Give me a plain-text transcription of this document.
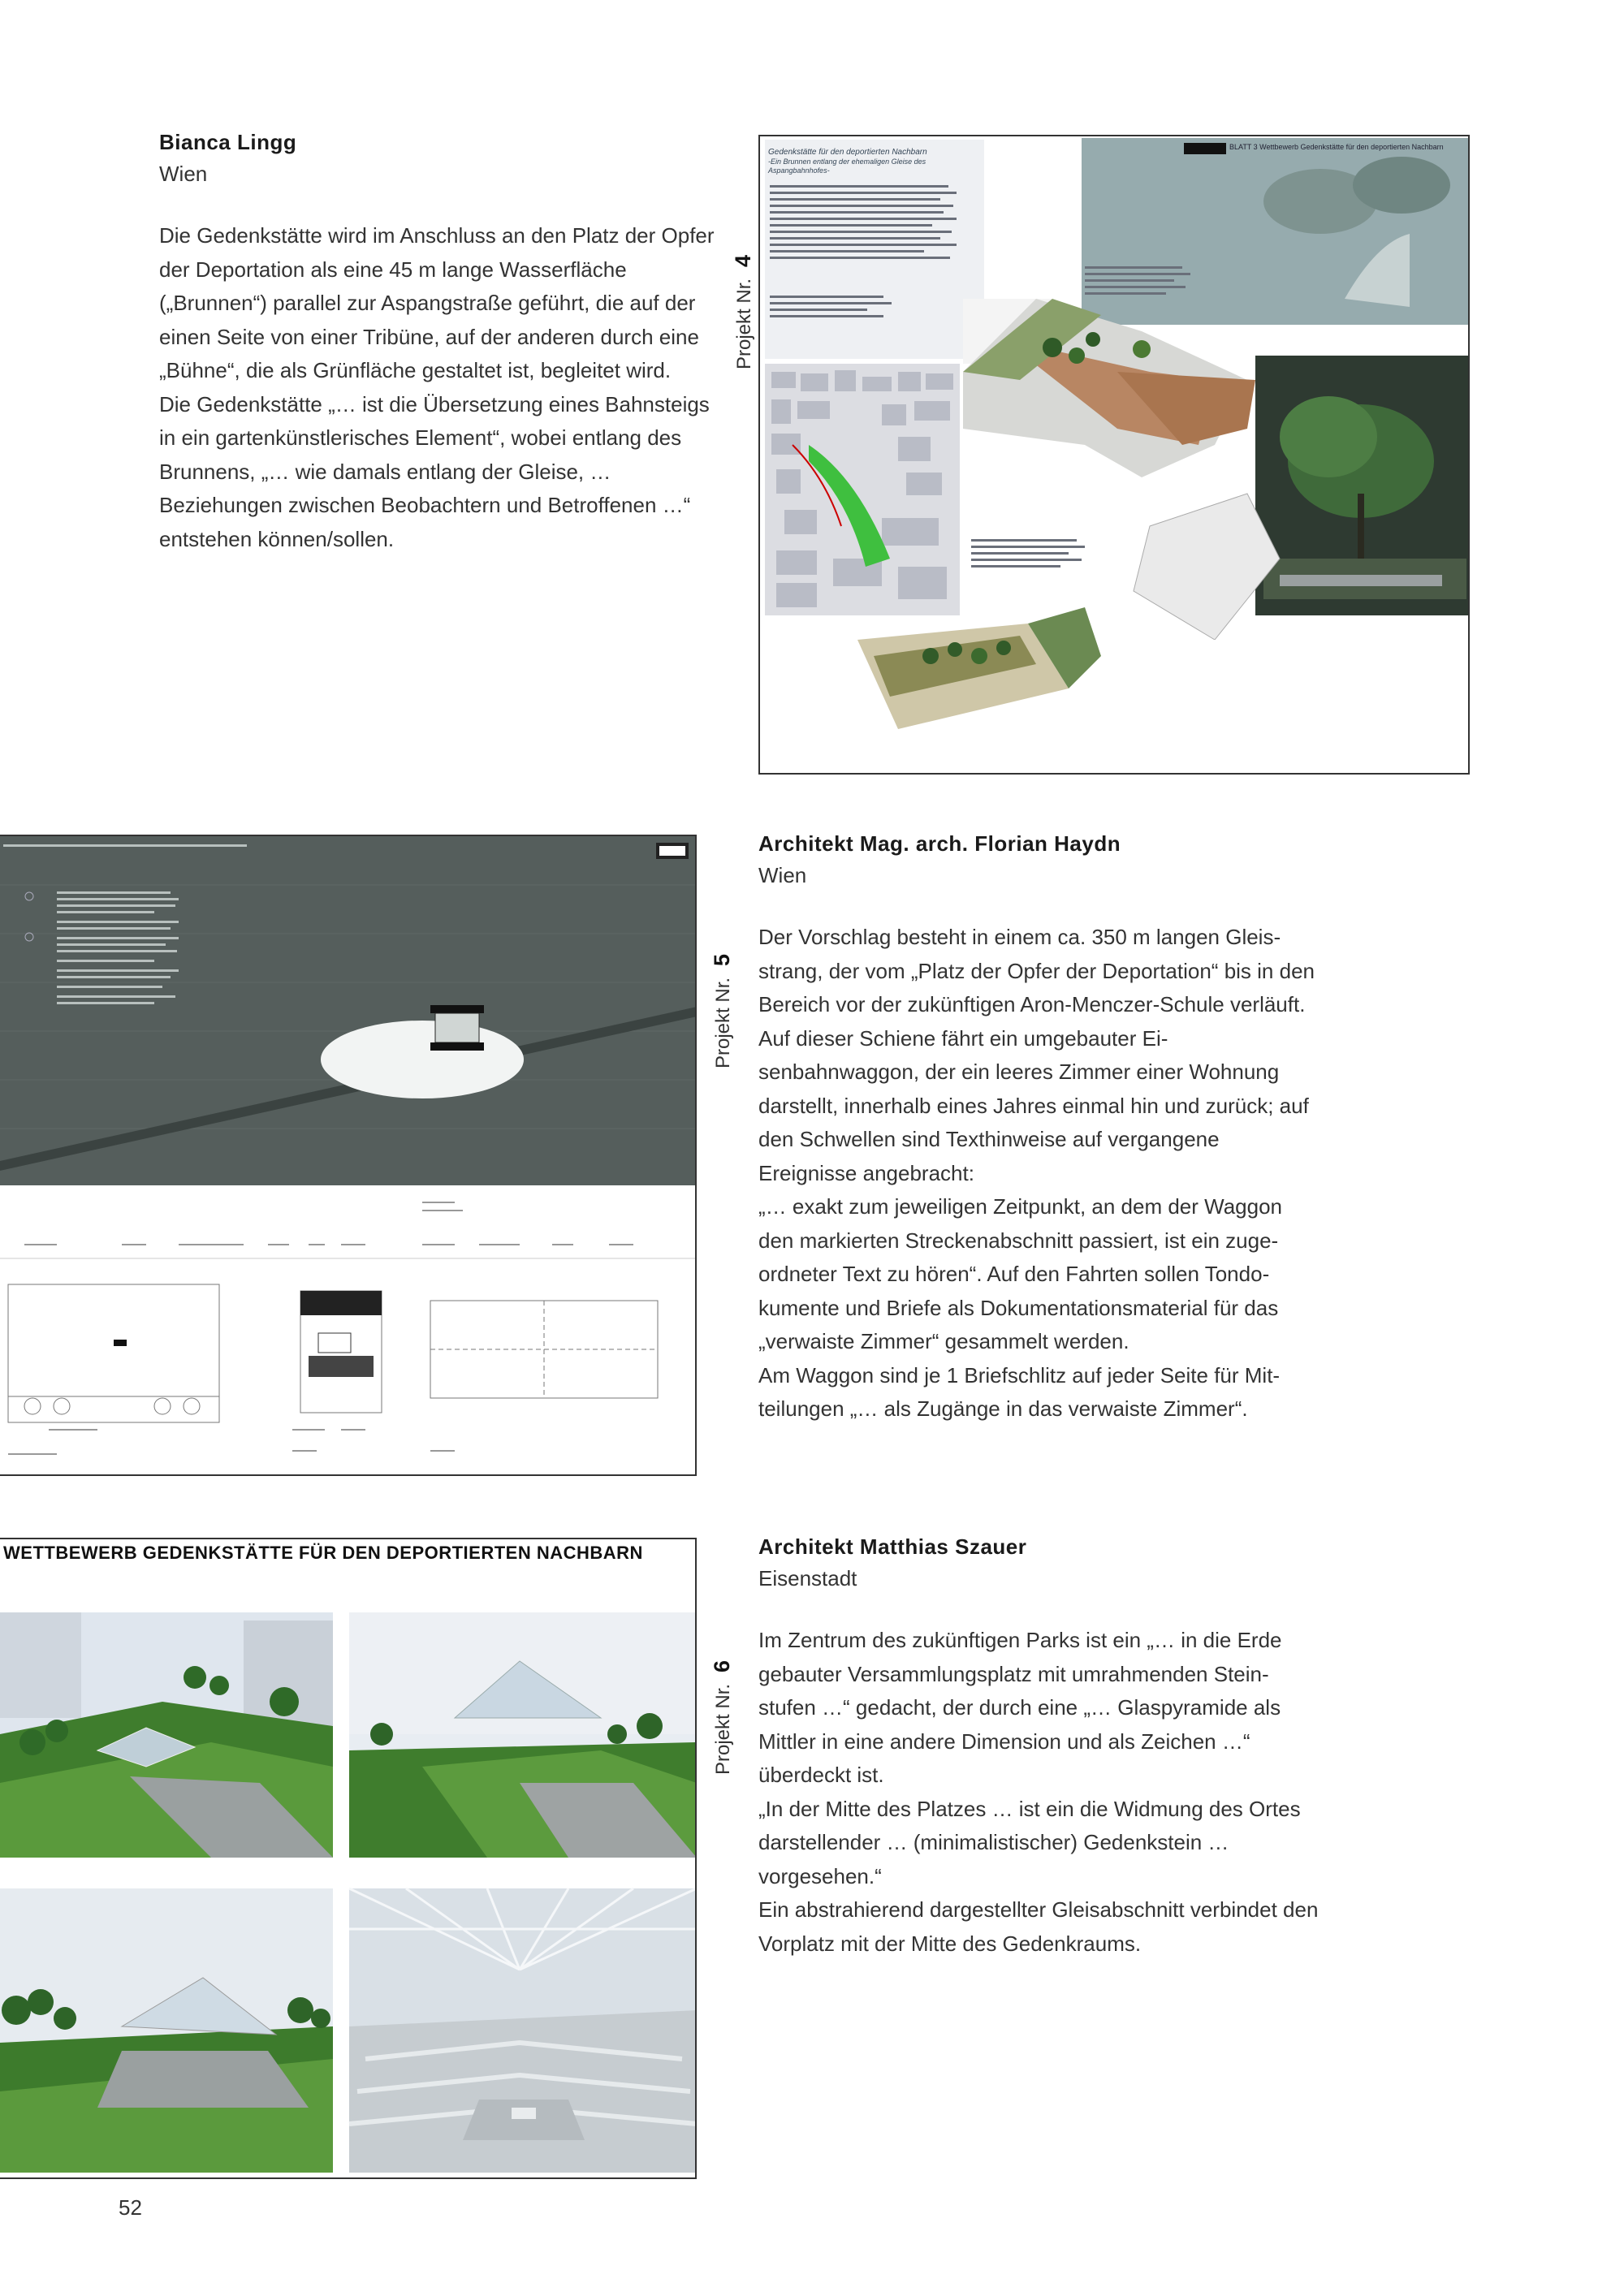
Bianca Lingg
Wien

Die Gedenkstätte wird im Anschluss an den Platz der Opfer der Deportation als eine 45 m lange Wasserfläche („Brunnen“) parallel zur Aspangstraße geführt, die auf der einen Seite von einer Tribüne, auf der anderen durch eine „Bühne“, die als Grünfläche gestaltet ist, begleitet wird.

Die Gedenkstätte „… ist die Übersetzung eines Bahnsteigs in ein gartenkünstlerisches Element“, wobei entlang des Brunnens, „… wie damals entlang der Gleise, … Beziehungen zwischen Beobachtern und Betroffenen …“ entstehen können/sollen.

Projekt Nr.4
Gedenkstätte für den deportierten Nachbarn
-Ein Brunnen entlang der ehemaligen Gleise des Aspangbahnhofes-
BLATT 3 Wettbewerb Gedenkstätte für den deportierten Nachbarn
Projekt Nr.5
Architekt Mag. arch. Florian Haydn
Wien

Der Vorschlag besteht in einem ca. 350 m langen Gleisstrang, der vom „Platz der Opfer der Deportation“ bis in den Bereich vor der zukünftigen Aron-Menczer-Schule verläuft. Auf dieser Schiene fährt ein umgebauter Eisenbahnwaggon, der ein leeres Zimmer einer Wohnung darstellt, innerhalb eines Jahres einmal hin und zurück; auf den Schwellen sind Texthinweise auf vergangene Ereignisse angebracht:

„… exakt zum jeweiligen Zeitpunkt, an dem der Waggon den markierten Streckenabschnitt passiert, ist ein zugeordneter Text zu hören“. Auf den Fahrten sollen Tondokumente und Briefe als Dokumentationsmaterial für das „verwaiste Zimmer“ gesammelt werden.

Am Waggon sind je 1 Briefschlitz auf jeder Seite für Mitteilungen „… als Zugänge in das verwaiste Zimmer“.

WETTBEWERB GEDENKSTÄTTE FÜR DEN DEPORTIERTEN NACHBARN
Projekt Nr.6
Architekt Matthias Szauer
Eisenstadt

Im Zentrum des zukünftigen Parks ist ein „… in die Erde gebauter Versammlungsplatz mit umrahmenden Steinstufen …“ gedacht, der durch eine „… Glaspyramide als Mittler in eine andere Dimension und als Zeichen …“ überdeckt ist.

„In der Mitte des Platzes … ist ein die Widmung des Ortes darstellender … (minimalistischer) Gedenkstein … vorgesehen.“

Ein abstrahierend dargestellter Gleisabschnitt verbindet den Vorplatz mit der Mitte des Gedenkraums.

52
